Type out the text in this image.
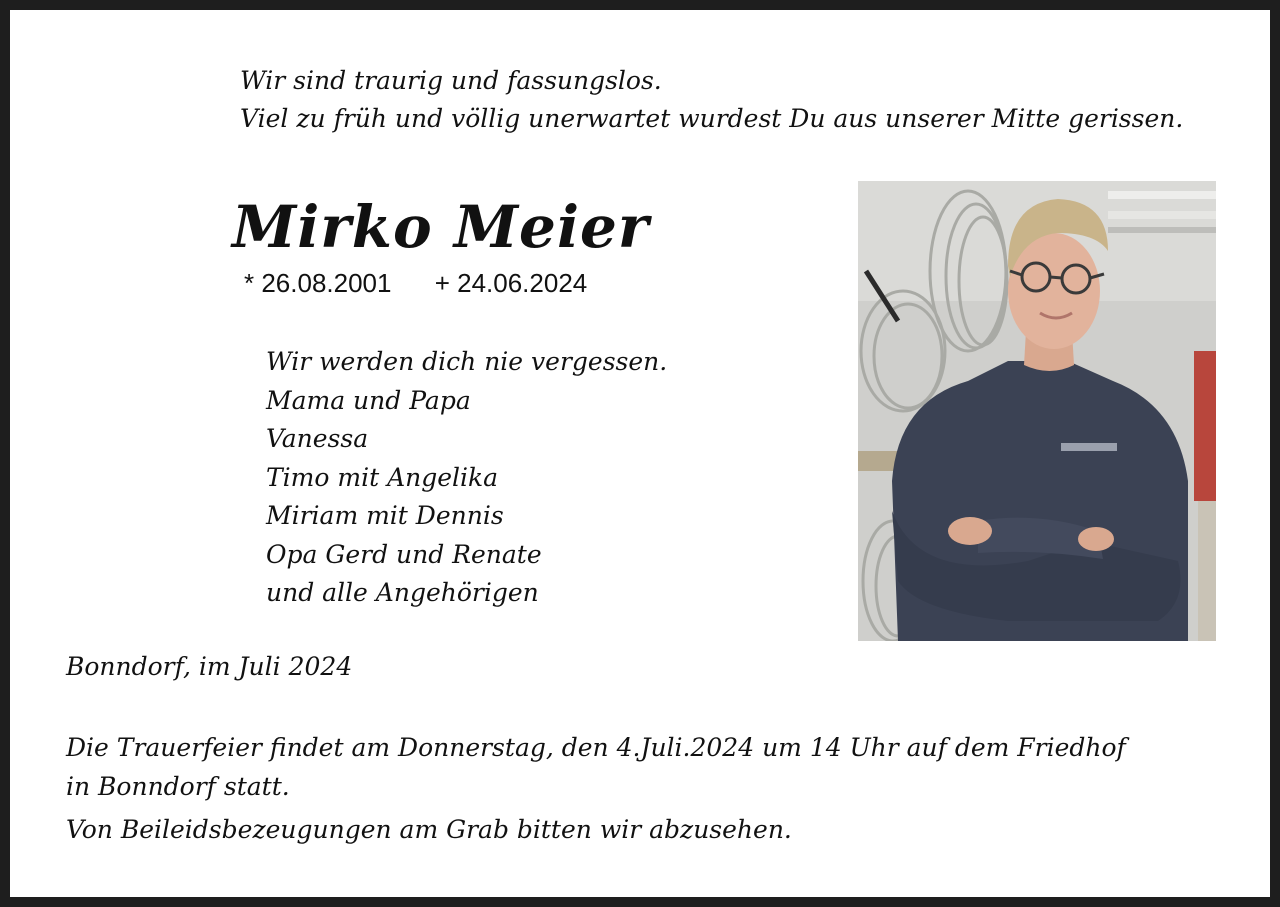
Wir sind traurig und fassungslos.
Viel zu früh und völlig unerwartet wurdest Du aus unserer Mitte gerissen.
Mirko Meier
* 26.08.2001 + 24.06.2024
Wir werden dich nie vergessen.
Mama und Papa
Vanessa
Timo mit Angelika
Miriam mit Dennis
Opa Gerd und Renate
und alle Angehörigen
Bonndorf, im Juli 2024
Die Trauerfeier findet am Donnerstag, den 4.Juli.2024 um 14 Uhr auf dem Friedhof
in Bonndorf statt.
Von Beileidsbezeugungen am Grab bitten wir abzusehen.
